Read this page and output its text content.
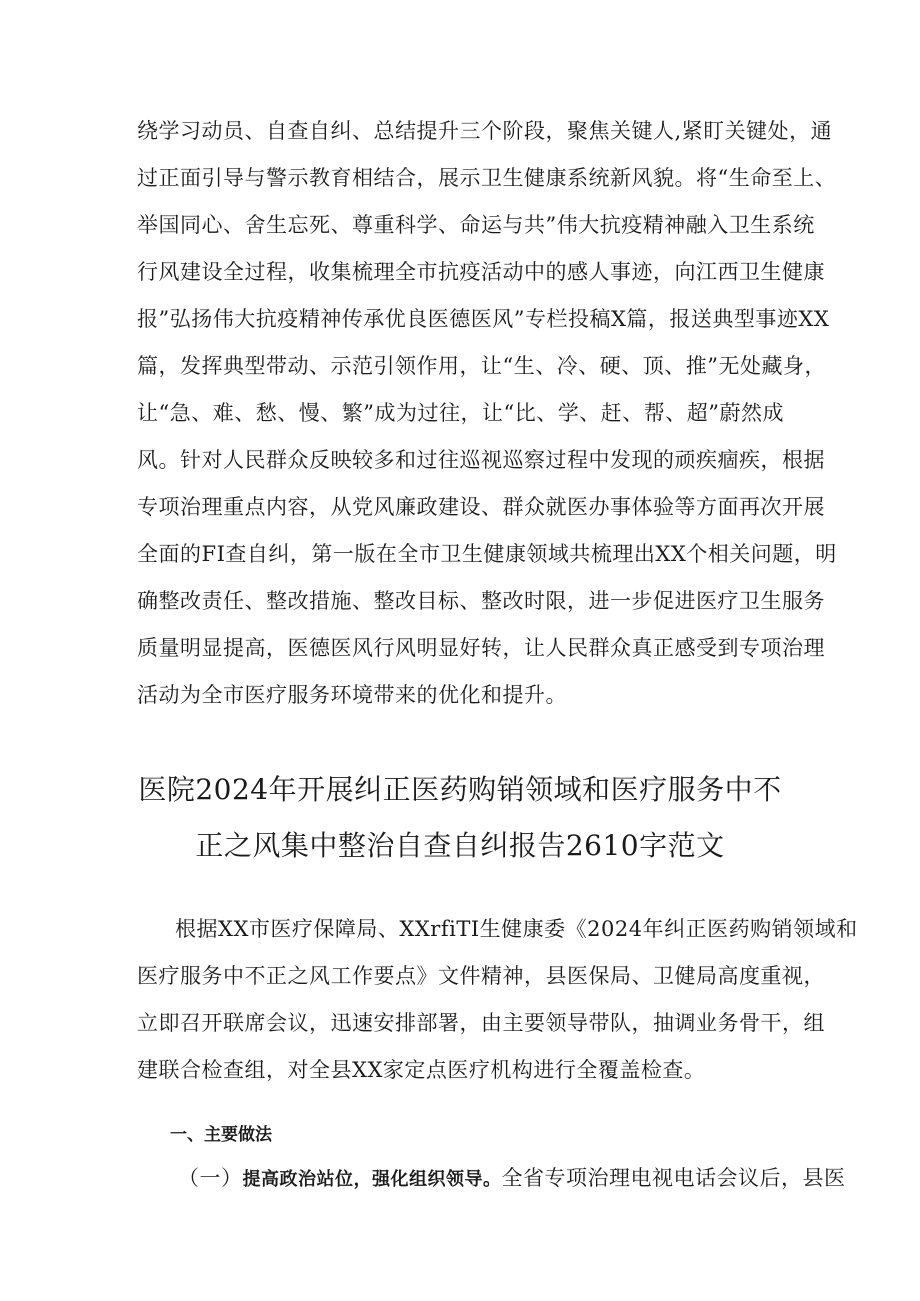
绕学习动员、自查自纠、总结提升三个阶段，聚焦关键人,紧盯关键处，通
过正面引导与警示教育相结合，展示卫生健康系统新风貌。将“生命至上、
举国同心、舍生忘死、尊重科学、命运与共”伟大抗疫精神融入卫生系统
行风建设全过程，收集梳理全市抗疫活动中的感人事迹，向江西卫生健康
报”弘扬伟大抗疫精神传承优良医德医风”专栏投稿X篇，报送典型事迹XX
篇，发挥典型带动、示范引领作用，让“生、冷、硬、顶、推”无处藏身，
让“急、难、愁、慢、繁”成为过往，让“比、学、赶、帮、超”蔚然成
风。针对人民群众反映较多和过往巡视巡察过程中发现的顽疾痼疾，根据
专项治理重点内容，从党风廉政建设、群众就医办事体验等方面再次开展
全面的FI查自纠，第一版在全市卫生健康领域共梳理出XX个相关问题，明
确整改责任、整改措施、整改目标、整改时限，进一步促进医疗卫生服务
质量明显提高，医德医风行风明显好转，让人民群众真正感受到专项治理
活动为全市医疗服务环境带来的优化和提升。
医院2024年开展纠正医药购销领域和医疗服务中不
正之风集中整治自查自纠报告2610字范文
根据XX市医疗保障局、XXrfiTI生健康委《2024年纠正医药购销领域和
医疗服务中不正之风工作要点》文件精神，县医保局、卫健局高度重视，
立即召开联席会议，迅速安排部署，由主要领导带队，抽调业务骨干，组
建联合检查组，对全县XX家定点医疗机构进行全覆盖检查。
一、主要做法
（一）提高政治站位，强化组织领导。全省专项治理电视电话会议后，县医
